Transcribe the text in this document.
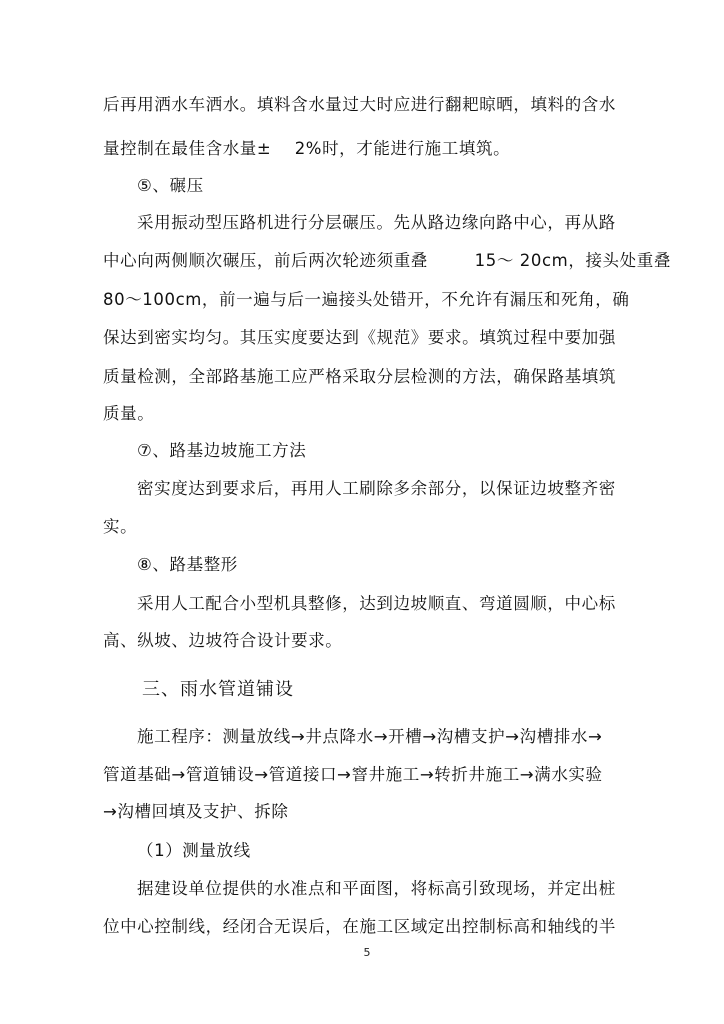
后再用洒水车洒水。填料含水量过大时应进行翻耙晾晒，填料的含水
量控制在最佳含水量±    2%时，才能进行施工填筑。
⑤、碾压
采用振动型压路机进行分层碾压。先从路边缘向路中心，再从路
中心向两侧顺次碾压，前后两次轮迹须重叠        15～ 20cm，接头处重叠
80～100cm，前一遍与后一遍接头处错开，不允许有漏压和死角，确
保达到密实均匀。其压实度要达到《规范》要求。填筑过程中要加强
质量检测，全部路基施工应严格采取分层检测的方法，确保路基填筑
质量。
⑦、路基边坡施工方法
密实度达到要求后，再用人工刷除多余部分，以保证边坡整齐密
实。
⑧、路基整形
采用人工配合小型机具整修，达到边坡顺直、弯道圆顺，中心标
高、纵坡、边坡符合设计要求。
三、雨水管道铺设
施工程序：测量放线→井点降水→开槽→沟槽支护→沟槽排水→
管道基础→管道铺设→管道接口→窨井施工→转折井施工→满水实验
→沟槽回填及支护、拆除
（1）测量放线
据建设单位提供的水准点和平面图，将标高引致现场，并定出桩
位中心控制线，经闭合无误后，在施工区域定出控制标高和轴线的半
5
